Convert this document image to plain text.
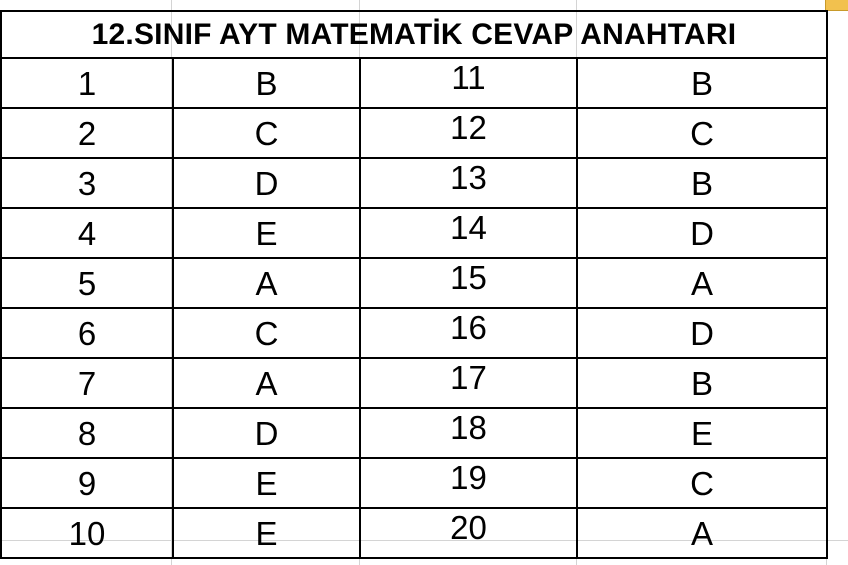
12.SINIF AYT MATEMATİK CEVAP ANAHTARI			
1	B	11	B
2	C	12	C
3	D	13	B
4	E	14	D
5	A	15	A
6	C	16	D
7	A	17	B
8	D	18	E
9	E	19	C
10	E	20	A
